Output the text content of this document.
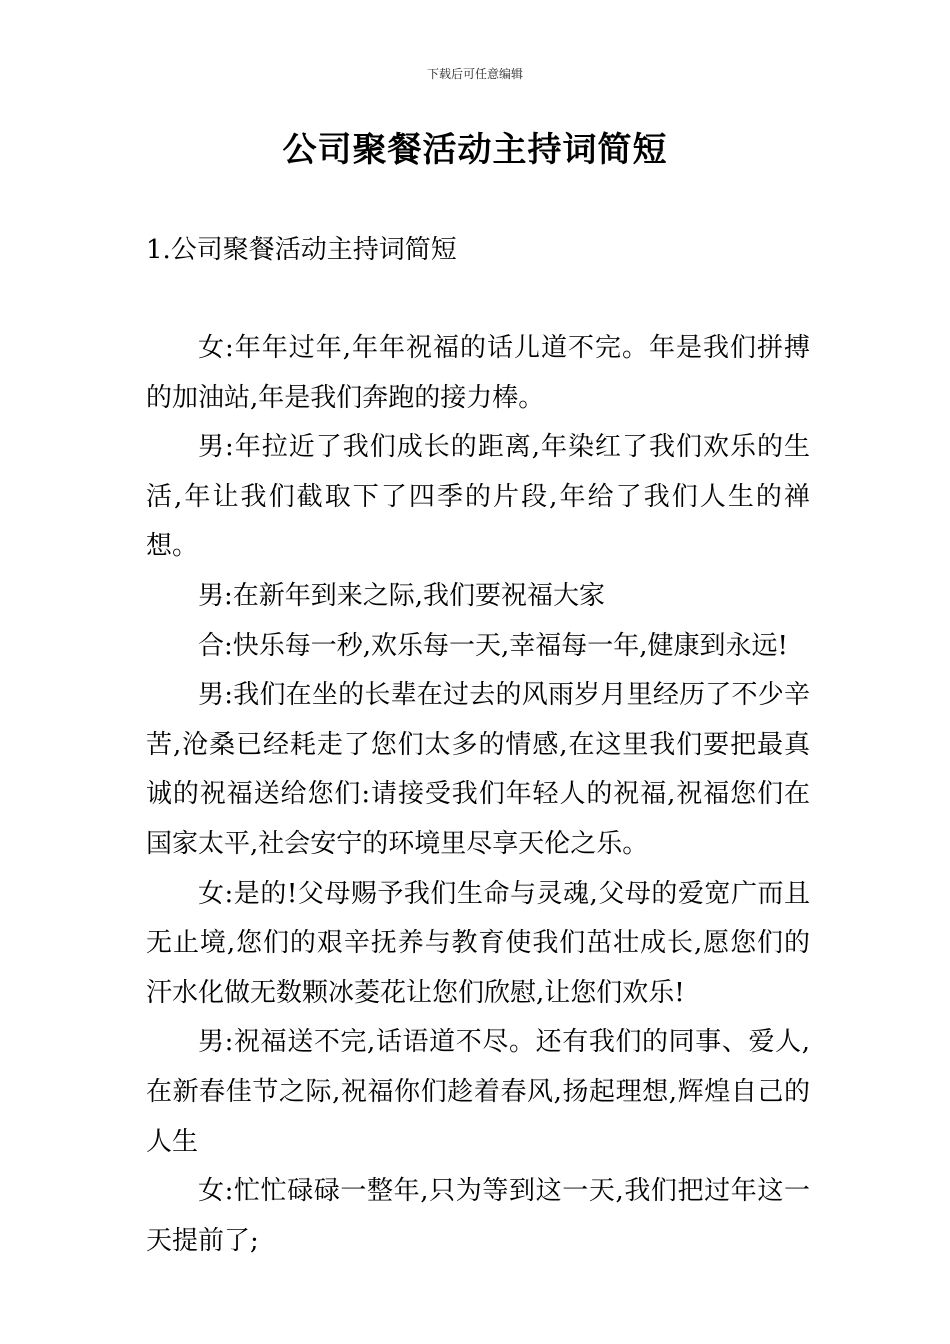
下载后可任意编辑
公司聚餐活动主持词简短
1.公司聚餐活动主持词简短

女:年年过年,年年祝福的话儿道不完。年是我们拼搏的加油站,年是我们奔跑的接力棒。

男:年拉近了我们成长的距离,年染红了我们欢乐的生活,年让我们截取下了四季的片段,年给了我们人生的禅想。

男:在新年到来之际,我们要祝福大家

合:快乐每一秒,欢乐每一天,幸福每一年,健康到永远!

男:我们在坐的长辈在过去的风雨岁月里经历了不少辛苦,沧桑已经耗走了您们太多的情感,在这里我们要把最真诚的祝福送给您们:请接受我们年轻人的祝福,祝福您们在国家太平,社会安宁的环境里尽享天伦之乐。

女:是的!父母赐予我们生命与灵魂,父母的爱宽广而且无止境,您们的艰辛抚养与教育使我们茁壮成长,愿您们的汗水化做无数颗冰菱花让您们欣慰,让您们欢乐!

男:祝福送不完,话语道不尽。还有我们的同事、爱人,在新春佳节之际,祝福你们趁着春风,扬起理想,辉煌自己的人生

女:忙忙碌碌一整年,只为等到这一天,我们把过年这一天提前了;
